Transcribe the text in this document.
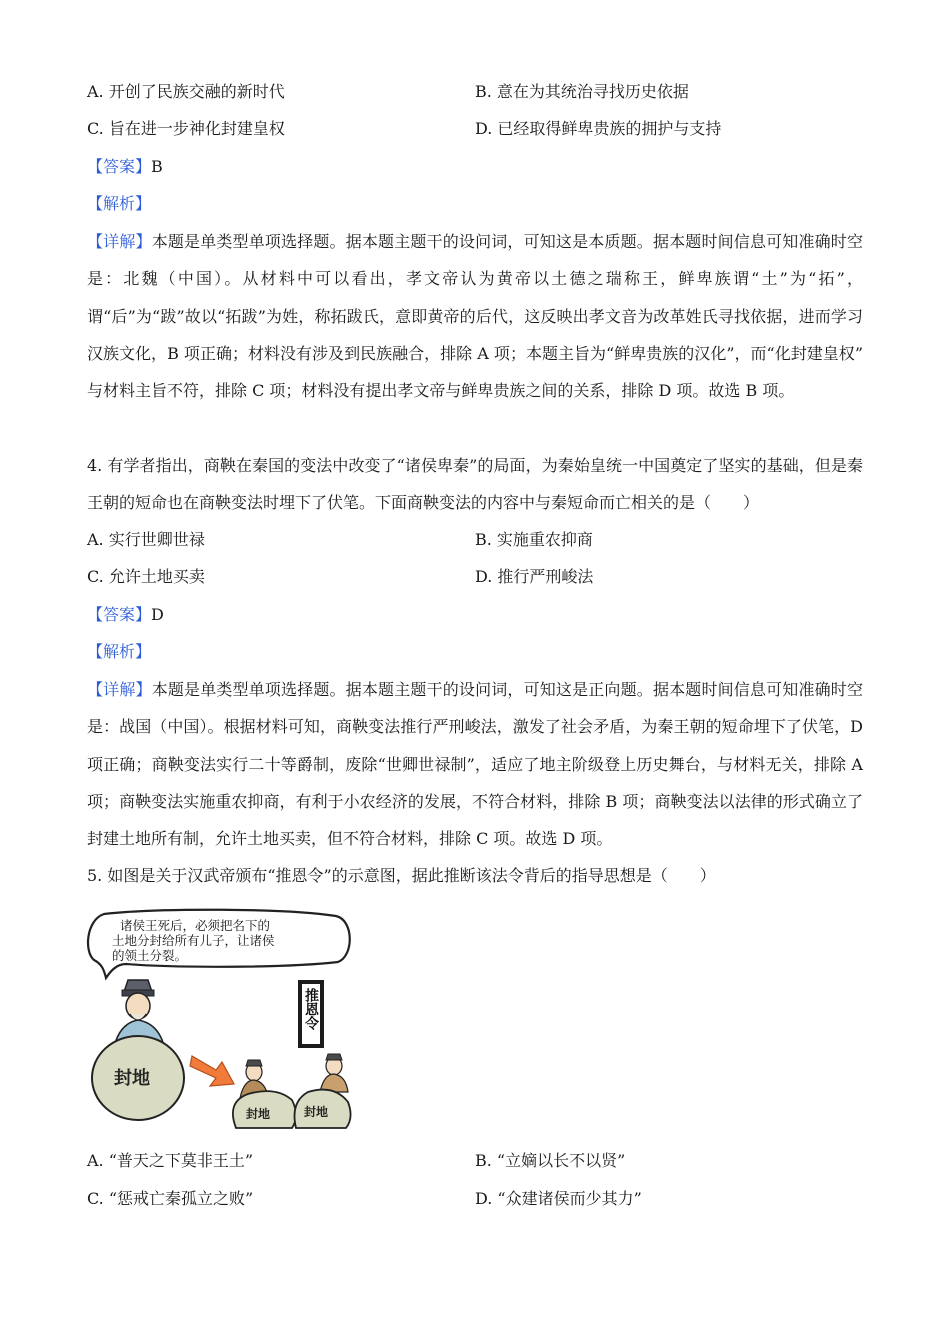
A. 开创了民族交融的新时代	B. 意在为其统治寻找历史依据
C. 旨在进一步神化封建皇权	D. 已经取得鲜卑贵族的拥护与支持
【答案】B
【解析】
【详解】本题是单类型单项选择题。据本题主题干的设问词，可知这是本质题。据本题时间信息可知准确时空是：北魏（中国）。从材料中可以看出，孝文帝认为黄帝以土德之瑞称王，鲜卑族谓“土”为“拓”，谓“后”为“跋”故以“拓跋”为姓，称拓跋氏，意即黄帝的后代，这反映出孝文音为改革姓氏寻找依据，进而学习汉族文化，B 项正确；材料没有涉及到民族融合，排除 A 项；本题主旨为“鲜卑贵族的汉化”，而“化封建皇权” 与材料主旨不符，排除 C 项；材料没有提出孝文帝与鲜卑贵族之间的关系，排除 D 项。故选 B 项。
4. 有学者指出，商鞅在秦国的变法中改变了“诸侯卑秦”的局面，为秦始皇统一中国奠定了坚实的基础，但是秦王朝的短命也在商鞅变法时埋下了伏笔。下面商鞅变法的内容中与秦短命而亡相关的是（　　）
A. 实行世卿世禄	B. 实施重农抑商
C. 允许土地买卖	D. 推行严刑峻法
【答案】D
【解析】
【详解】本题是单类型单项选择题。据本题主题干的设问词，可知这是正向题。据本题时间信息可知准确时空是：战国（中国）。根据材料可知，商鞅变法推行严刑峻法，激发了社会矛盾，为秦王朝的短命埋下了伏笔，D 项正确；商鞅变法实行二十等爵制，废除“世卿世禄制”，适应了地主阶级登上历史舞台，与材料无关，排除 A 项；商鞅变法实施重农抑商，有利于小农经济的发展，不符合材料，排除 B 项；商鞅变法以法律的形式确立了封建土地所有制，允许土地买卖，但不符合材料，排除 C 项。故选 D 项。
5. 如图是关于汉武帝颁布“推恩令”的示意图，据此推断该法令背后的指导思想是（　　）
诸侯王死后，必须把名下的
土地分封给所有儿子，让诸侯
的领土分裂。
封地
推恩令
封地	封地
A. “普天之下莫非王土”	B. “立嫡以长不以贤”
C. “惩戒亡秦孤立之败”	D. “众建诸侯而少其力”
